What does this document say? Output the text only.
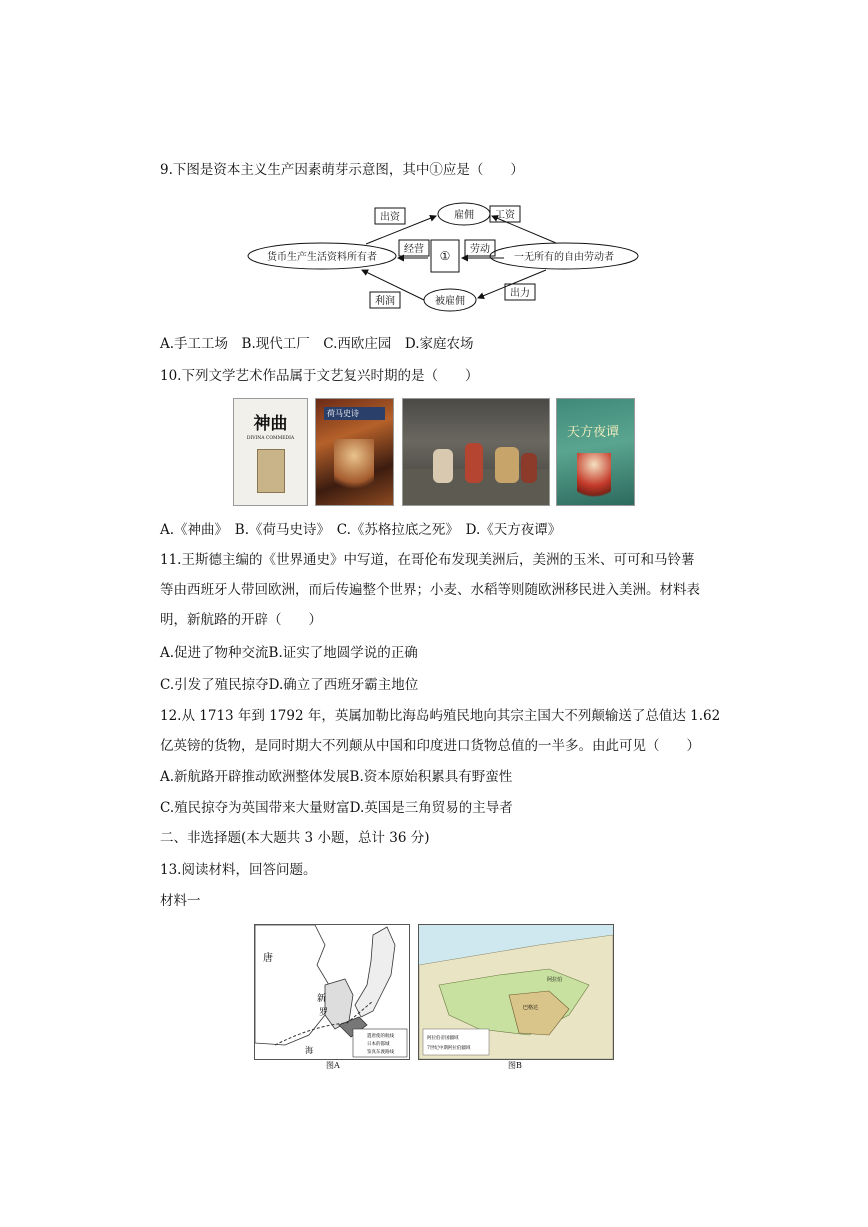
9.下图是资本主义生产因素萌芽示意图，其中①应是（　　）
货币生产生活资料所有者	一无所有的自由劳动者
雇佣
被雇佣
①
出资	工资
经营	劳动
利润
出力
A.手工工场　B.现代工厂　C.西欧庄园　D.家庭农场
10.下列文学艺术作品属于文艺复兴时期的是（　　）
神曲
DIVINA COMMEDIA
荷马史诗
天方夜谭
A.《神曲》　B.《荷马史诗》　C.《苏格拉底之死》　D.《天方夜谭》
11.王斯德主编的《世界通史》中写道，在哥伦布发现美洲后，美洲的玉米、可可和马铃薯
等由西班牙人带回欧洲，而后传遍整个世界；小麦、水稻等则随欧洲移民进入美洲。材料表
明，新航路的开辟（　　）
A.促进了物种交流B.证实了地圆学说的正确
C.引发了殖民掠夺D.确立了西班牙霸主地位
12.从 1713 年到 1792 年，英属加勒比海岛屿殖民地向其宗主国大不列颠输送了总值达 1.62
亿英镑的货物，是同时期大不列颠从中国和印度进口货物总值的一半多。由此可见（　　）
A.新航路开辟推动欧洲整体发展B.资本原始积累具有野蛮性
C.殖民掠夺为英国带来大量财富D.英国是三角贸易的主导者
二、非选择题(本大题共 3 小题，总计 36 分)
13.阅读材料，回答问题。
材料一
唐
新
罗
海
遣唐使的航线
日本的都城
鉴真东渡路线
图A
阿拉伯
巴格达
阿拉伯帝国疆域
7世纪中期阿拉伯疆域
图B
